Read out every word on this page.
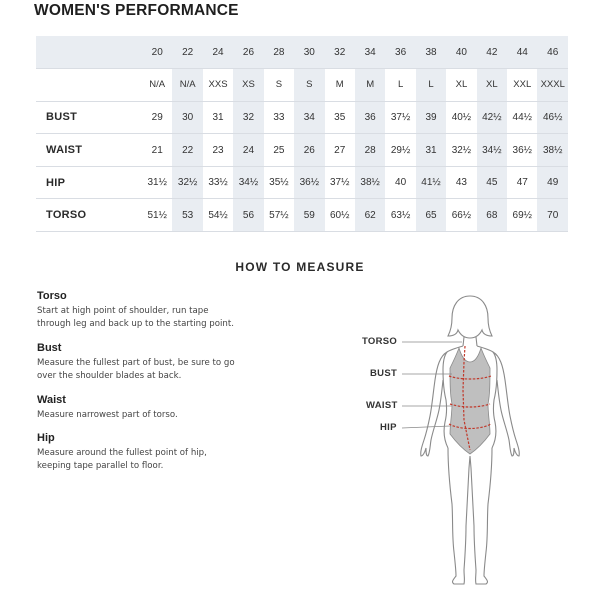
WOMEN'S PERFORMANCE
	20	22	24	26	28	30	32	34	36	38	40	42	44	46
	N/A	N/A	XXS	XS	S	S	M	M	L	L	XL	XL	XXL	XXXL
BUST	29	30	31	32	33	34	35	36	37½	39	40½	42½	44½	46½
WAIST	21	22	23	24	25	26	27	28	29½	31	32½	34½	36½	38½
HIP	31½	32½	33½	34½	35½	36½	37½	38½	40	41½	43	45	47	49
TORSO	51½	53	54½	56	57½	59	60½	62	63½	65	66½	68	69½	70
HOW TO MEASURE
Torso
Start at high point of shoulder, run tape through leg and back up to the starting point.
Bust
Measure the fullest part of bust, be sure to go over the shoulder blades at back.
Waist
Measure narrowest part of torso.
Hip
Measure around the fullest point of hip, keeping tape parallel to floor.
TORSO
BUST
WAIST
HIP
